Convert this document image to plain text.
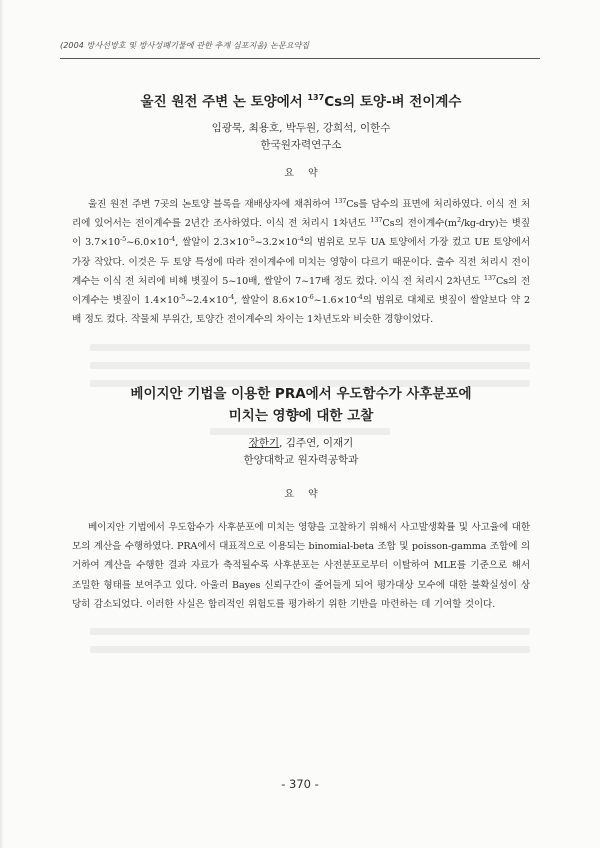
(2004 방사선방호 및 방사성폐기물에 관한 추계 심포지움) 논문요약집
울진 원전 주변 논 토양에서 $^{137}$Cs의 토양-벼 전이계수
임광묵, 최용호, 박두원, 강희석, 이한수
한국원자력연구소
요약
울진 원전 주변 7곳의 논토양 블록을 재배상자에 채취하여 $^{137}$Cs를 담수의 표면에 처리하였다. 이식 전 처리에 있어서는 전이계수를 2년간 조사하였다. 이식 전 처리시 1차년도 $^{137}$Cs의 전이계수$(m^2/kg-dry)$는 볏짚이 $3.7\times 10^{-5}\sim 6.0\times 10^{-4}$, 쌀알이 $2.3\times 10^{-5}\sim 3.2\times 10^{-4}$의 범위로 모두 UA 토양에서 가장 컸고 UE 토양에서 가장 작았다. 이것은 두 토양 특성에 따라 전이계수에 미치는 영향이 다르기 때문이다. 출수 직전 처리시 전이계수는 이식 전 처리에 비해 볏짚이 5~10배, 쌀알이 7~17배 정도 컸다. 이식 전 처리시 2차년도 $^{137}$Cs의 전이계수는 볏짚이 $1.4\times 10^{-5}\sim 2.4\times 10^{-4}$, 쌀알이 $8.6\times 10^{-6}\sim 1.6\times 10^{-4}$의 범위로 대체로 볏짚이 쌀알보다 약 2배 정도 컸다. 작물체 부위간, 토양간 전이계수의 차이는 1차년도와 비슷한 경향이었다.
베이지안 기법을 이용한 PRA에서 우도함수가 사후분포에
미치는 영향에 대한 고찰
장한기, 김주연, 이재기
한양대학교 원자력공학과
요약
베이지안 기법에서 우도함수가 사후분포에 미치는 영향을 고찰하기 위해서 사고발생확률 및 사고율에 대한 모의 계산을 수행하였다. PRA에서 대표적으로 이용되는 binomial-beta 조합 및 poisson-gamma 조합에 의거하여 계산을 수행한 결과 자료가 축적될수록 사후분포는 사전분포로부터 이탈하여 MLE를 기준으로 해서 조밀한 형태를 보여주고 있다. 아울러 Bayes 신뢰구간이 줄어들게 되어 평가대상 모수에 대한 불확실성이 상당히 감소되었다. 이러한 사실은 합리적인 위험도를 평가하기 위한 기반을 마련하는 데 기여할 것이다.
- 370 -
